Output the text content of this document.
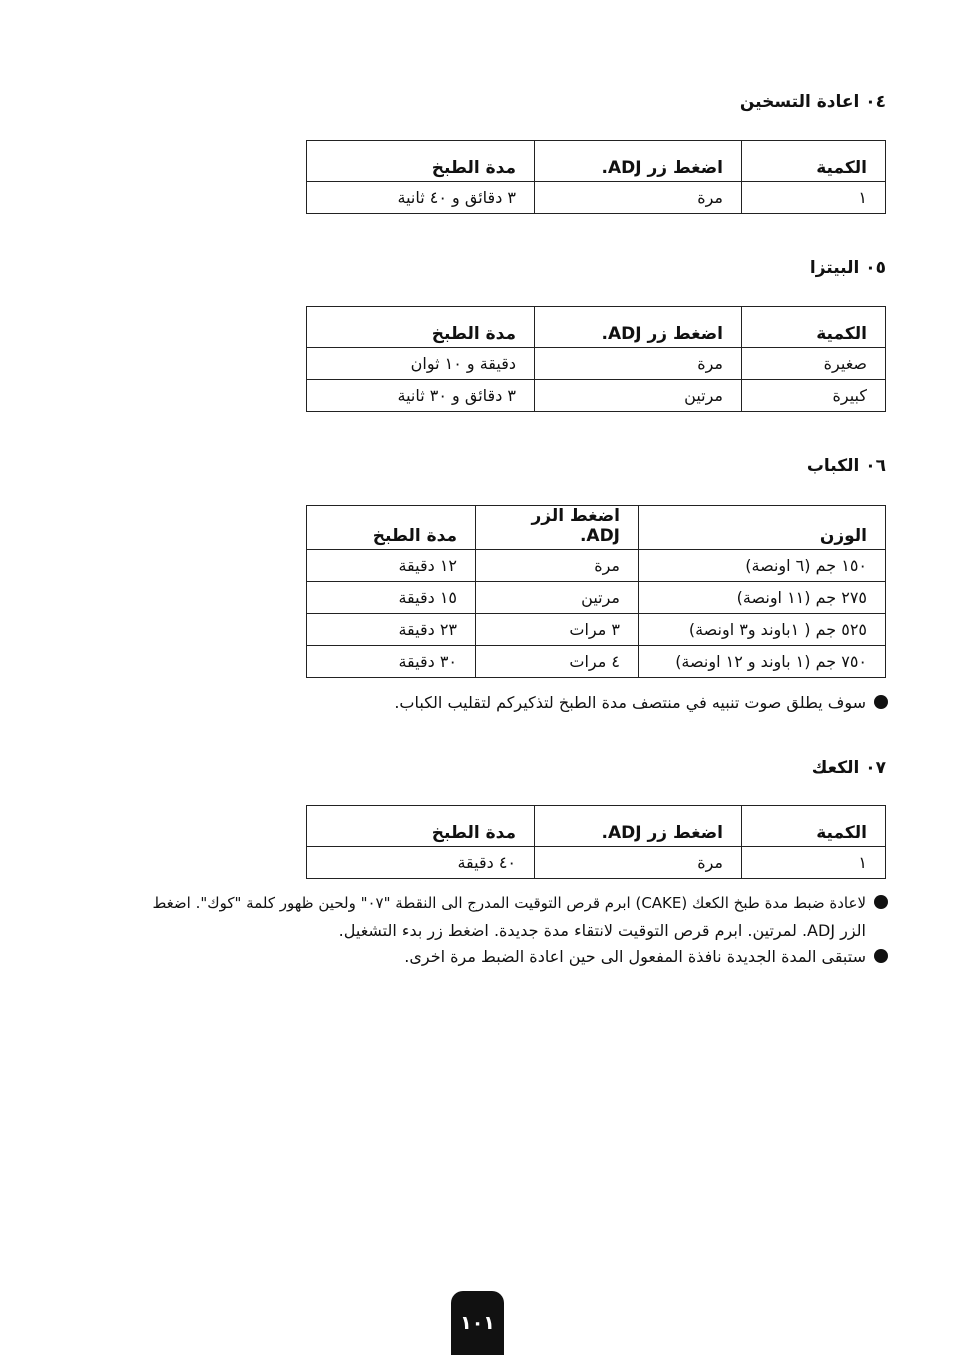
٠٤ اعادة التسخين
الكمية	اضغط زر ADJ.	مدة الطبخ
١	مرة	٣ دقائق و ٤٠ ثانية
٠٥ البيتزا
الكمية	اضغط زر ADJ.	مدة الطبخ
صغيرة	مرة	دقيقة و ١٠ ثوان
كبيرة	مرتين	٣ دقائق و ٣٠ ثانية
٠٦ الكباب
الوزن	اضغط الزر ADJ.	مدة الطبخ
١٥٠ جم (٦ اونصة)	مرة	١٢ دقيقة
٢٧٥ جم (١١ اونصة)	مرتين	١٥ دقيقة
٥٢٥ جم ( ١باوند و٣ اونصة)	٣ مرات	٢٣ دقيقة
٧٥٠ جم (١ باوند و ١٢ اونصة)	٤ مرات	٣٠ دقيقة
سوف يطلق صوت تنبيه في منتصف مدة الطبخ لتذكيركم لتقليب الكباب.
٠٧ الكعك
الكمية	اضغط زر ADJ.	مدة الطبخ
١	مرة	٤٠ دقيقة
لاعادة ضبط مدة طبخ الكعك (CAKE) ابرم قرص التوقيت المدرج الى النقطة "٠٧" ولحين ظهور كلمة "كوك". اضغط
الزر ADJ. لمرتين. ابرم قرص التوقيت لانتقاء مدة جديدة. اضغط زر بدء التشغيل.
ستبقى المدة الجديدة نافذة المفعول الى حين اعادة الضبط مرة اخرى.
١٠١
